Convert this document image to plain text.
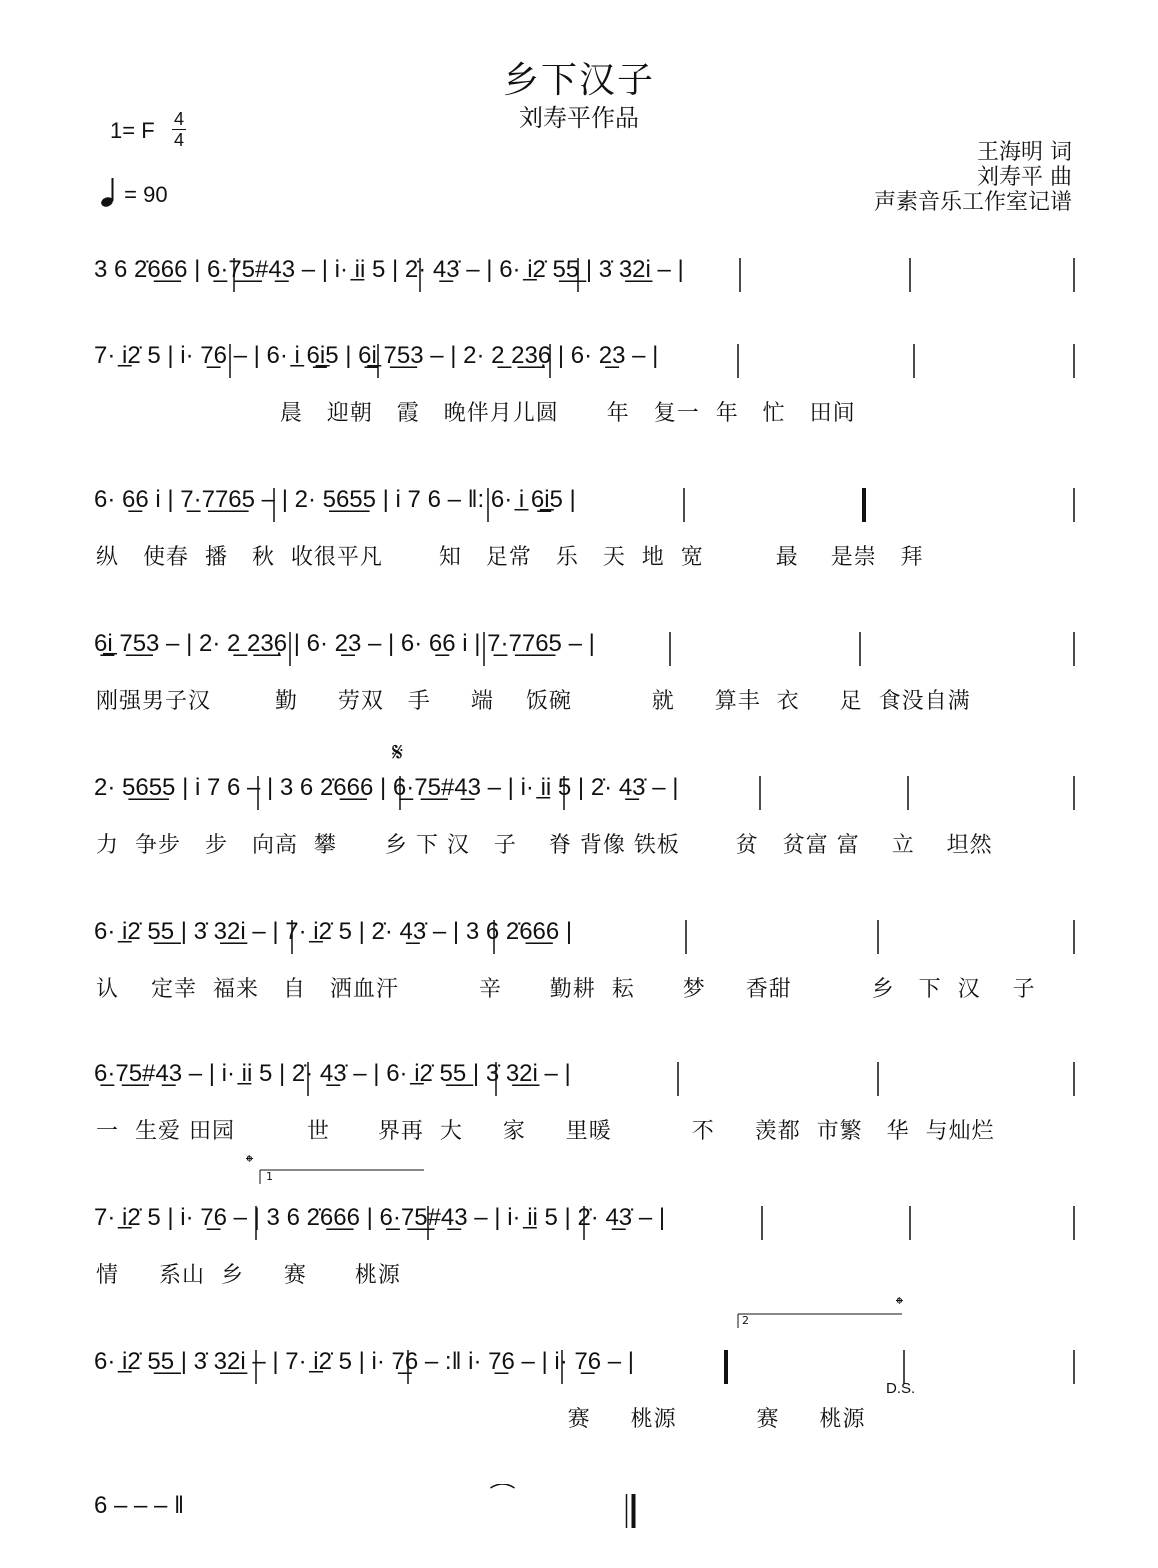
乡下汉子
刘寿平作品
1= F 4
4
= 90
王海明 词
刘寿平 曲
声素音乐工作室记谱
3 6 2̇6̲6̲6 | 6̲·7̲5̲#4̲3 – | i· i̲i 5 | 2̇· 4̲3̇ – | 6· i̲2̇ 5̲5̲ | 3̇ 3̲2̲i – |
7· i̲2̇ 5 | i· 7̲6 – | 6· i̲ 6̲i̲5 | 6̲i̲ 7̲5̲3 – | 2· 2̲ 2̲3̲6̣ | 6· 2̲3 – |
晨   迎朝   霞   晚伴月儿圆      年   复一  年   忙   田间
6· 6̲6 i | 7̲·7̲7̲6̲5 – | 2· 5̲6̲5̲5 | i 7 6 – ‖: 6· i̲ 6̲i̲5 |
纵   使春  播   秋  收很平凡       知   足常   乐   天  地  宽         最    是崇   拜
6̲i̲ 7̲5̲3 – | 2· 2̲ 2̲3̲6̣ | 6· 2̲3 – | 6· 6̲6 i | 7̲·7̲7̲6̲5 – |
刚强男子汉        勤     劳双   手     端    饭碗          就     算丰  衣     足  食没自满
𝄋
2· 5̲6̲5̲5 | i 7 6 – | 3 6 2̇6̲6̲6 | 6̲·7̲5̲#4̲3 – | i· i̲i 5 | 2̇· 4̲3̇ – |
力  争步   步   向高  攀      乡 下 汉   子    脊 背像 铁板       贫   贫富 富    立    坦然
6· i̲2̇ 5̲5̲ | 3̇ 3̲2̲i – | 7· i̲2̇ 5 | 2̇· 4̲3̇ – | 3 6 2̇6̲6̲6 |
认    定幸  福来   自   洒血汗          辛      勤耕  耘      梦     香甜          乡   下  汉    子
6̲·7̲5̲#4̲3 – | i· i̲i 5 | 2̇· 4̲3̇ – | 6· i̲2̇ 5̲5̲ | 3̇ 3̲2̲i – |
一  生爱 田园         世      界再  大     家     里暖          不     羡都  市繁   华  与灿烂
𝄌
1
7· i̲2̇ 5 | i· 7̲6 – | 3 6 2̇6̲6̲6 | 6̲·7̲5̲#4̲3 – | i· i̲i 5 | 2̇· 4̲3̇ – |
情     系山  乡     赛      桃源
2
𝄌
6· i̲2̇ 5̲5̲ | 3̇ 3̲2̲i – | 7· i̲2̇ 5 | i· 7̲6 – :‖ i· 7̲6 – | i· 7̲6 – |
赛     桃源          赛     桃源
D.S.
6 – – – ‖
